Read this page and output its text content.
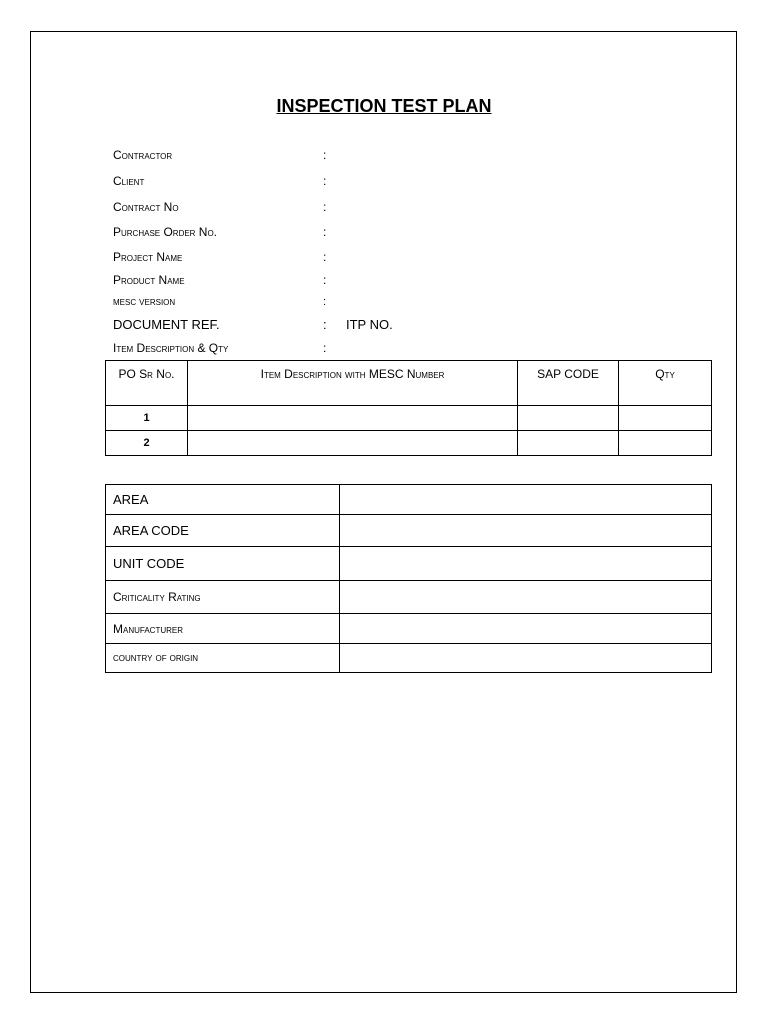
INSPECTION TEST PLAN
Contractor	:
Client	:
Contract No	:
Purchase Order No.	:
Project Name	:
Product Name	:
mesc version	:
DOCUMENT REF.	: ITP NO.
Item Description & Qty	:
PO Sr No.	Item Description with MESC Number	SAP CODE	Qty
1			
2			
AREA	
AREA CODE	
UNIT CODE	
Criticality Rating	
Manufacturer	
country of origin	
